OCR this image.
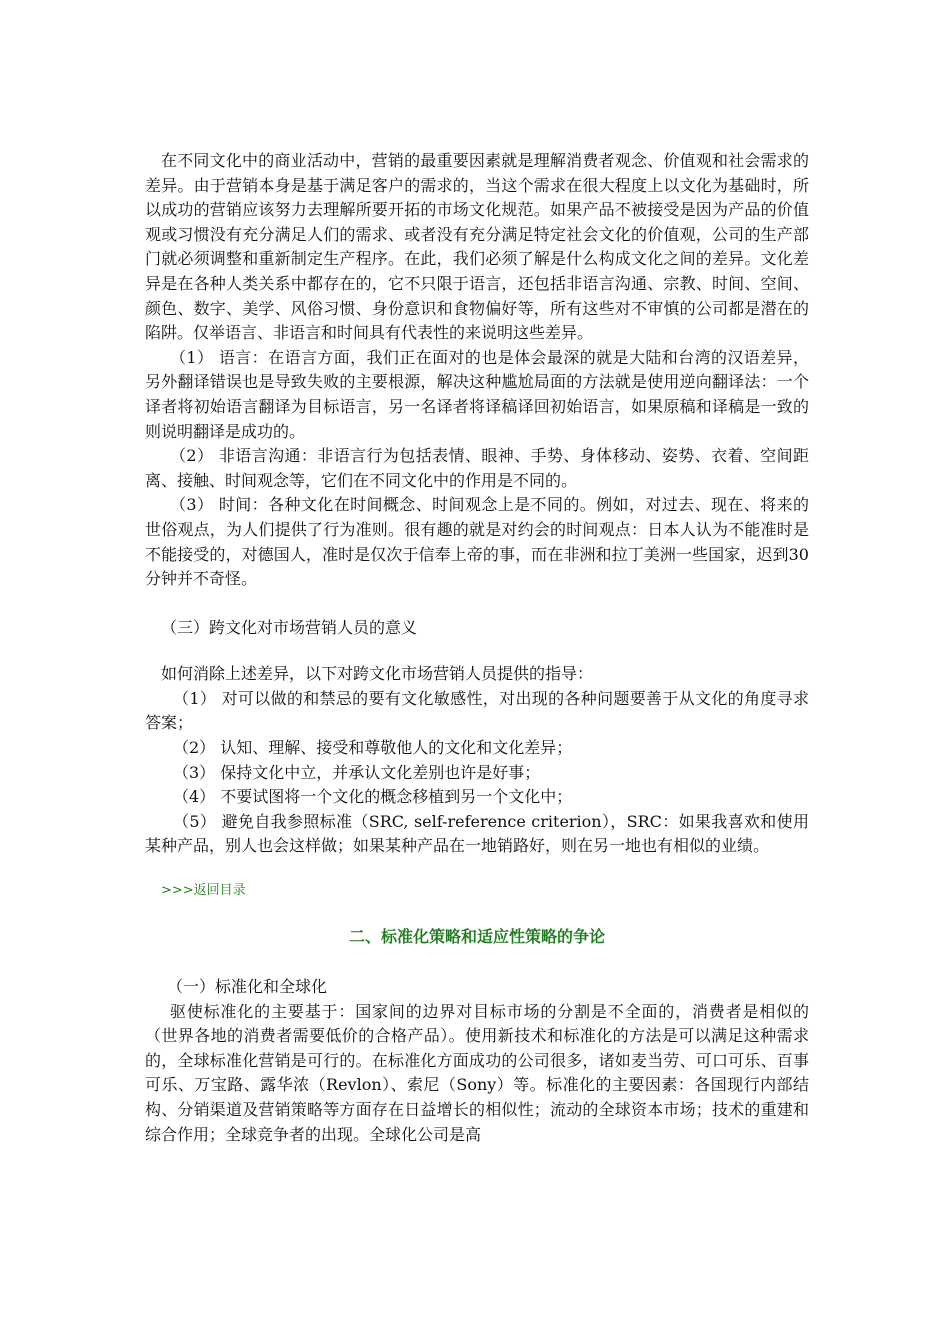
在不同文化中的商业活动中，营销的最重要因素就是理解消费者观念、价值观和社会需求的差异。由于营销本身是基于满足客户的需求的，当这个需求在很大程度上以文化为基础时，所以成功的营销应该努力去理解所要开拓的市场文化规范。如果产品不被接受是因为产品的价值观或习惯没有充分满足人们的需求、或者没有充分满足特定社会文化的价值观，公司的生产部门就必须调整和重新制定生产程序。在此，我们必须了解是什么构成文化之间的差异。文化差异是在各种人类关系中都存在的，它不只限于语言，还包括非语言沟通、宗教、时间、空间、颜色、数字、美学、风俗习惯、身份意识和食物偏好等，所有这些对不审慎的公司都是潜在的陷阱。仅举语言、非语言和时间具有代表性的来说明这些差异。

（1） 语言：在语言方面，我们正在面对的也是体会最深的就是大陆和台湾的汉语差异，另外翻译错误也是导致失败的主要根源，解决这种尴尬局面的方法就是使用逆向翻译法：一个译者将初始语言翻译为目标语言，另一名译者将译稿译回初始语言，如果原稿和译稿是一致的则说明翻译是成功的。

（2） 非语言沟通：非语言行为包括表情、眼神、手势、身体移动、姿势、衣着、空间距离、接触、时间观念等，它们在不同文化中的作用是不同的。

（3） 时间：各种文化在时间概念、时间观念上是不同的。例如，对过去、现在、将来的世俗观点，为人们提供了行为准则。很有趣的就是对约会的时间观点：日本人认为不能准时是不能接受的，对德国人，准时是仅次于信奉上帝的事，而在非洲和拉丁美洲一些国家，迟到30分钟并不奇怪。

（三）跨文化对市场营销人员的意义

如何消除上述差异，以下对跨文化市场营销人员提供的指导：

（1） 对可以做的和禁忌的要有文化敏感性，对出现的各种问题要善于从文化的角度寻求答案；

（2） 认知、理解、接受和尊敬他人的文化和文化差异；

（3） 保持文化中立，并承认文化差别也许是好事；

（4） 不要试图将一个文化的概念移植到另一个文化中；

（5） 避免自我参照标准（SRC, self-reference criterion），SRC：如果我喜欢和使用某种产品，别人也会这样做；如果某种产品在一地销路好，则在另一地也有相似的业绩。

>>>返回目录
二、标准化策略和适应性策略的争论

（一）标准化和全球化

驱使标准化的主要基于：国家间的边界对目标市场的分割是不全面的，消费者是相似的（世界各地的消费者需要低价的合格产品）。使用新技术和标准化的方法是可以满足这种需求的，全球标准化营销是可行的。在标准化方面成功的公司很多，诸如麦当劳、可口可乐、百事可乐、万宝路、露华浓（Revlon）、索尼（Sony）等。标准化的主要因素：各国现行内部结构、分销渠道及营销策略等方面存在日益增长的相似性；流动的全球资本市场；技术的重建和综合作用；全球竞争者的出现。全球化公司是高
